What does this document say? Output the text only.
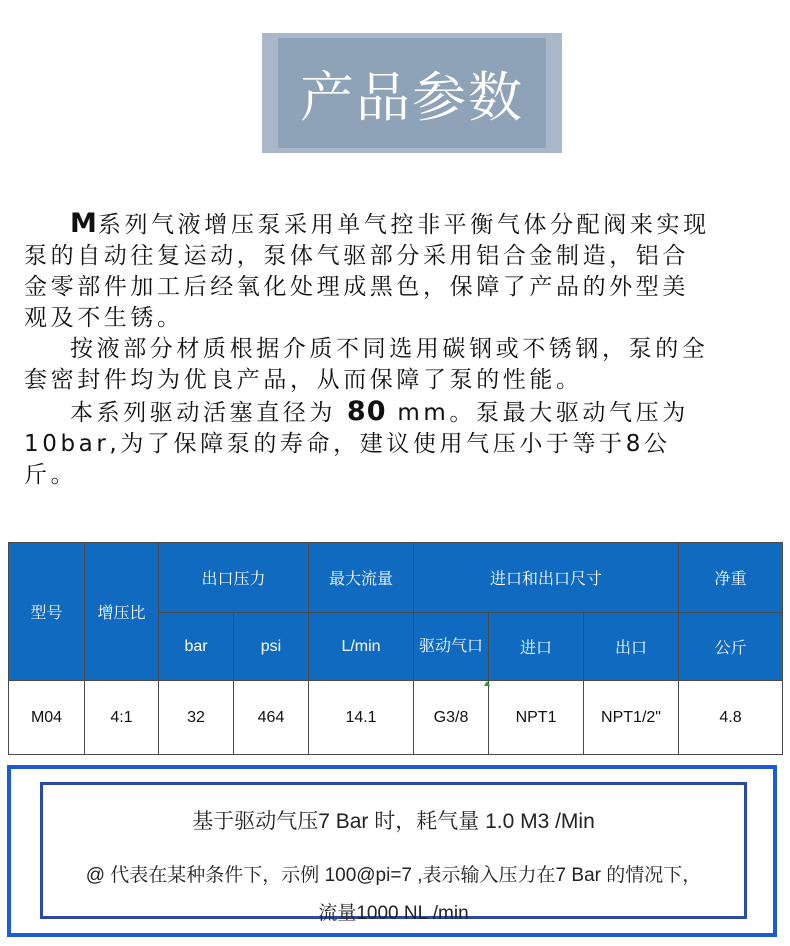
产品参数

M系列气液增压泵采用单气控非平衡气体分配阀来实现

泵的自动往复运动，泵体气驱部分采用铝合金制造，铝合

金零部件加工后经氧化处理成黑色，保障了产品的外型美

观及不生锈。

按液部分材质根据介质不同选用碳钢或不锈钢，泵的全

套密封件均为优良产品，从而保障了泵的性能。

本系列驱动活塞直径为 80 mm。泵最大驱动气压为

10bar,为了保障泵的寿命，建议使用气压小于等于8公

斤。

型号	增压比	出口压力		最大流量	进口和出口尺寸			净重
		bar	psi	L/min	驱动气口	进口	出口	公斤
M04	4:1	32	464	14.1	G3/8	NPT1	NPT1/2"	4.8
基于驱动气压7 Bar 时，耗气量 1.0 M3 /Min
@ 代表在某种条件下，示例 100@pi=7 ,表示输入压力在7 Bar 的情况下，
流量1000 NL /min
